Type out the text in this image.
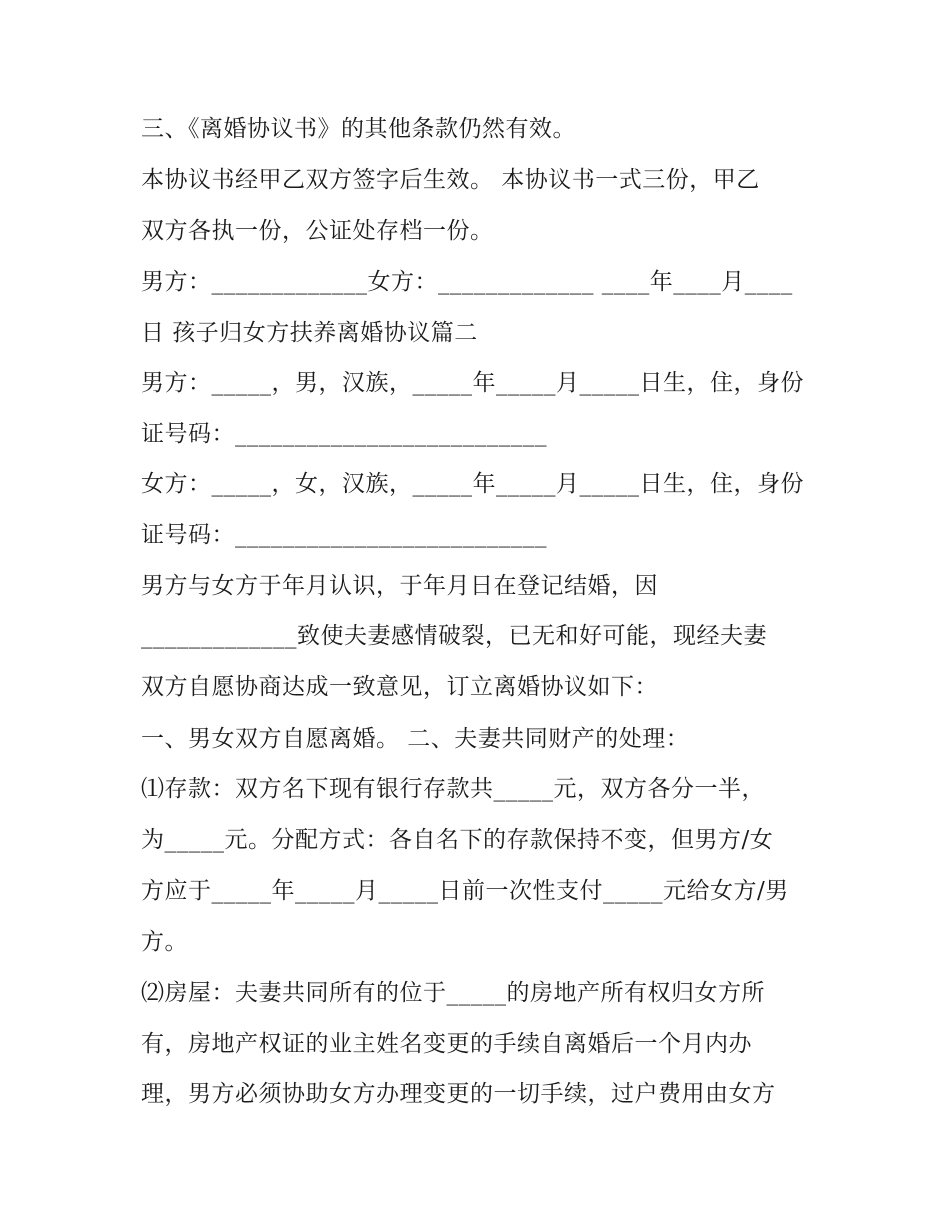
三、《离婚协议书》的其他条款仍然有效。
本协议书经甲乙双方签字后生效。 本协议书一式三份，甲乙
双方各执一份，公证处存档一份。
男方：_____________女方：_____________ ____年____月____
日 孩子归女方扶养离婚协议篇二
男方：_____，男，汉族，_____年_____月_____日生，住，身份
证号码：__________________________
女方：_____，女，汉族，_____年_____月_____日生，住，身份
证号码：__________________________
男方与女方于年月认识，于年月日在登记结婚，因
_____________致使夫妻感情破裂，已无和好可能，现经夫妻
双方自愿协商达成一致意见，订立离婚协议如下：
一、男女双方自愿离婚。 二、夫妻共同财产的处理：
⑴存款：双方名下现有银行存款共_____元，双方各分一半，
为_____元。分配方式：各自名下的存款保持不变，但男方/女
方应于_____年_____月_____日前一次性支付_____元给女方/男
方。
⑵房屋：夫妻共同所有的位于_____的房地产所有权归女方所
有，房地产权证的业主姓名变更的手续自离婚后一个月内办
理，男方必须协助女方办理变更的一切手续，过户费用由女方
